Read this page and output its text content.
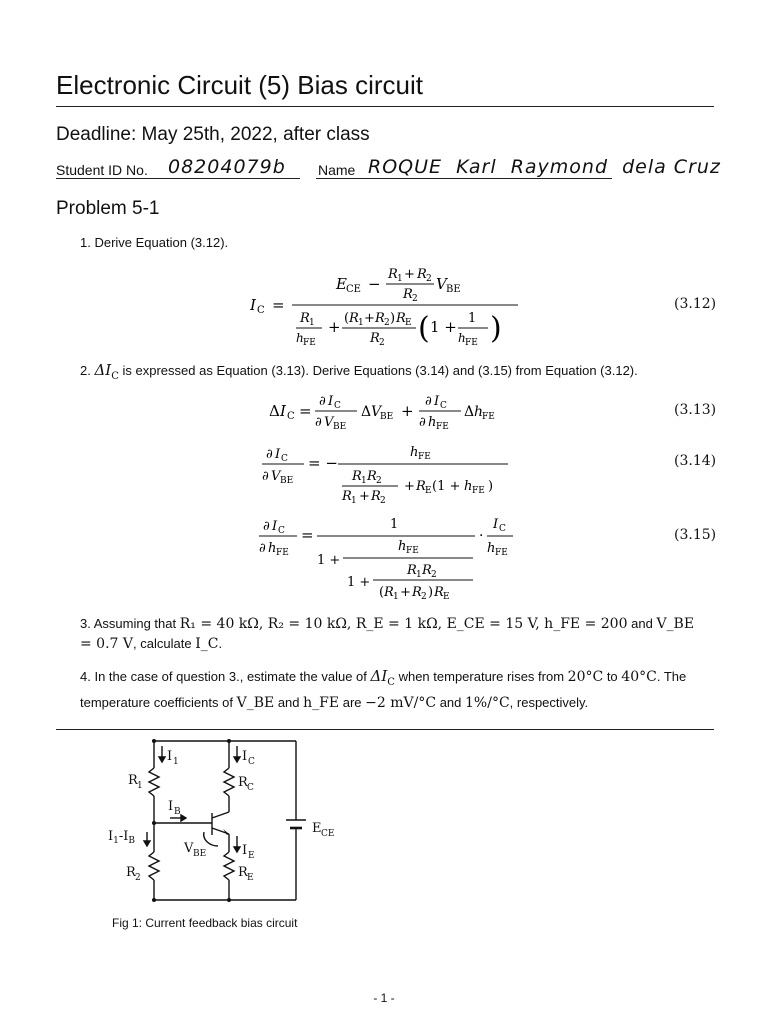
Electronic Circuit (5) Bias circuit
Deadline: May 25th, 2022, after class
Student ID No. 08204079b Name ROQUE  Karl  Raymond  dela Cruz
Problem 5-1
1. Derive Equation (3.12).
I C =
E CE −
R 1 + R 2
R 2
V BE
R 1
h FE
+ ( R 1 + R 2 ) R E
R 2 ( 1 + 1
h FE )
(3.12)
2. $\Delta I_C$ is expressed as Equation (3.13). Derive Equations (3.14) and (3.15) from Equation (3.12).
Δ I C =
∂ I C
∂ V BE
Δ V
BE +
∂ I C
∂ h FE
Δ h
FE	(3.13)
∂ I C
∂ V BE
= −
h FE
R 1 R 2
R 1 + R 2
+ R E (1 + h FE )
(3.14)
∂ I C
∂ h FE
=
1
1 +
h FE
1 +
R 1 R 2
( R 1 + R 2 ) R E
·
I C
h FE
(3.15)
3. Assuming that R₁ = 40 kΩ, R₂ = 10 kΩ, R_E = 1 kΩ, E_CE = 15 V, h_FE = 200 and V_BE = 0.7 V, calculate I_C.
4. In the case of question 3., estimate the value of $\Delta I_C$ when temperature rises from 20°C to 40°C. The temperature coefficients of V_BE and h_FE are −2 mV/°C and 1%/°C, respectively.
I 1	I C
R 1	R C
I B
$I_1-I_B$	V BE	I E
R 2	R E
E CE
Fig 1: Current feedback bias circuit
- 1 -
